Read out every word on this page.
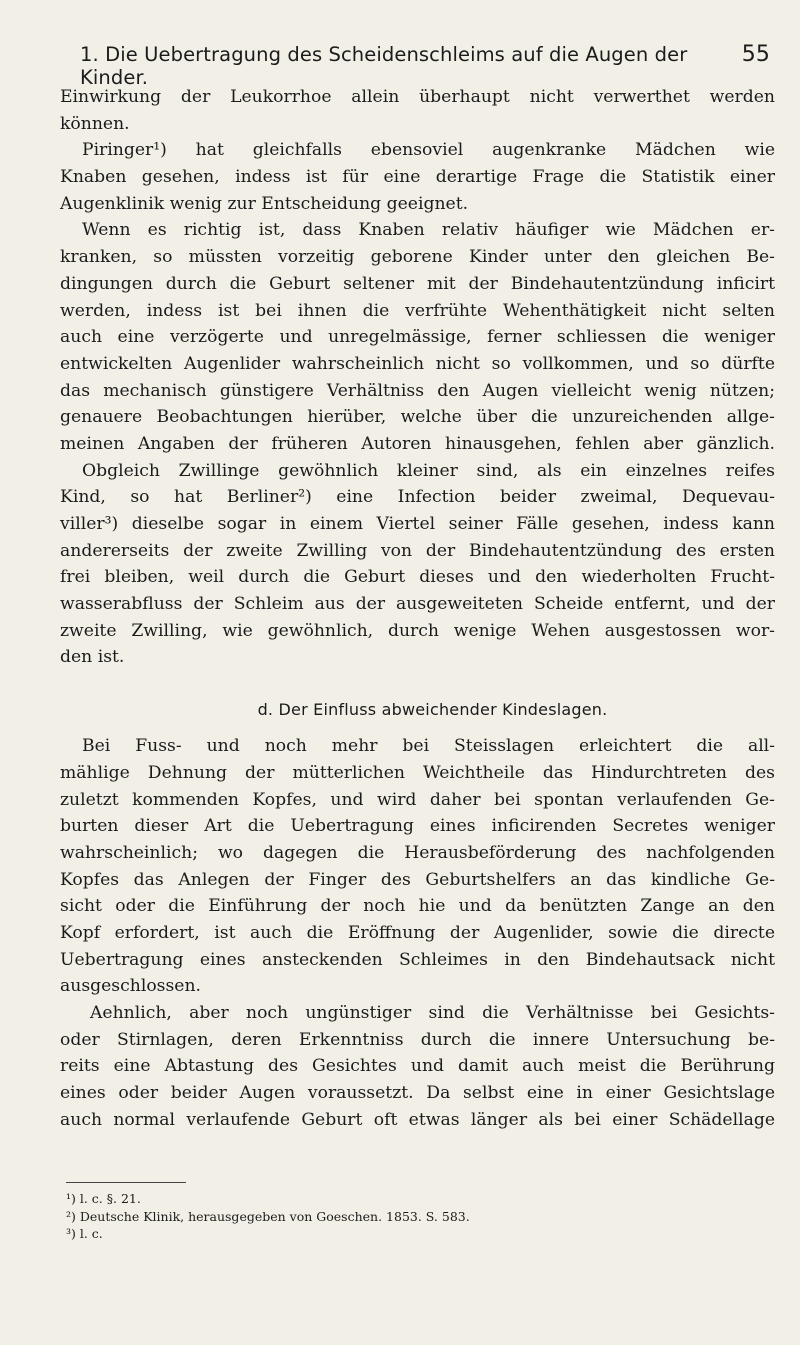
1. Die Uebertragung des Scheidenschleims auf die Augen der Kinder.
55
Einwirkung der Leukorrhoe allein überhaupt nicht verwerthet werden
können.
Piringer¹) hat gleichfalls ebensoviel augenkranke Mädchen wie
Knaben gesehen, indess ist für eine derartige Frage die Statistik einer
Augenklinik wenig zur Entscheidung geeignet.
Wenn es richtig ist, dass Knaben relativ häufiger wie Mädchen er-
kranken, so müssten vorzeitig geborene Kinder unter den gleichen Be-
dingungen durch die Geburt seltener mit der Bindehautentzündung inficirt
werden, indess ist bei ihnen die verfrühte Wehenthätigkeit nicht selten
auch eine verzögerte und unregelmässige, ferner schliessen die weniger
entwickelten Augenlider wahrscheinlich nicht so vollkommen, und so dürfte
das mechanisch günstigere Verhältniss den Augen vielleicht wenig nützen;
genauere Beobachtungen hierüber, welche über die unzureichenden allge-
meinen Angaben der früheren Autoren hinausgehen, fehlen aber gänzlich.
Obgleich Zwillinge gewöhnlich kleiner sind, als ein einzelnes reifes
Kind, so hat Berliner²) eine Infection beider zweimal, Dequevau-
viller³) dieselbe sogar in einem Viertel seiner Fälle gesehen, indess kann
andererseits der zweite Zwilling von der Bindehautentzündung des ersten
frei bleiben, weil durch die Geburt dieses und den wiederholten Frucht-
wasserabfluss der Schleim aus der ausgeweiteten Scheide entfernt, und der
zweite Zwilling, wie gewöhnlich, durch wenige Wehen ausgestossen wor-
den ist.
d. Der Einfluss abweichender Kindeslagen.
Bei Fuss- und noch mehr bei Steisslagen erleichtert die all-
mählige Dehnung der mütterlichen Weichtheile das Hindurchtreten des
zuletzt kommenden Kopfes, und wird daher bei spontan verlaufenden Ge-
burten dieser Art die Uebertragung eines inficirenden Secretes weniger
wahrscheinlich; wo dagegen die Herausbeförderung des nachfolgenden
Kopfes das Anlegen der Finger des Geburtshelfers an das kindliche Ge-
sicht oder die Einführung der noch hie und da benützten Zange an den
Kopf erfordert, ist auch die Eröffnung der Augenlider, sowie die directe
Uebertragung eines ansteckenden Schleimes in den Bindehautsack nicht
ausgeschlossen.
Aehnlich, aber noch ungünstiger sind die Verhältnisse bei Gesichts-
oder Stirnlagen, deren Erkenntniss durch die innere Untersuchung be-
reits eine Abtastung des Gesichtes und damit auch meist die Berührung
eines oder beider Augen voraussetzt. Da selbst eine in einer Gesichtslage
auch normal verlaufende Geburt oft etwas länger als bei einer Schädellage
¹) l. c. §. 21.
²) Deutsche Klinik, herausgegeben von Goeschen. 1853. S. 583.
³) l. c.
